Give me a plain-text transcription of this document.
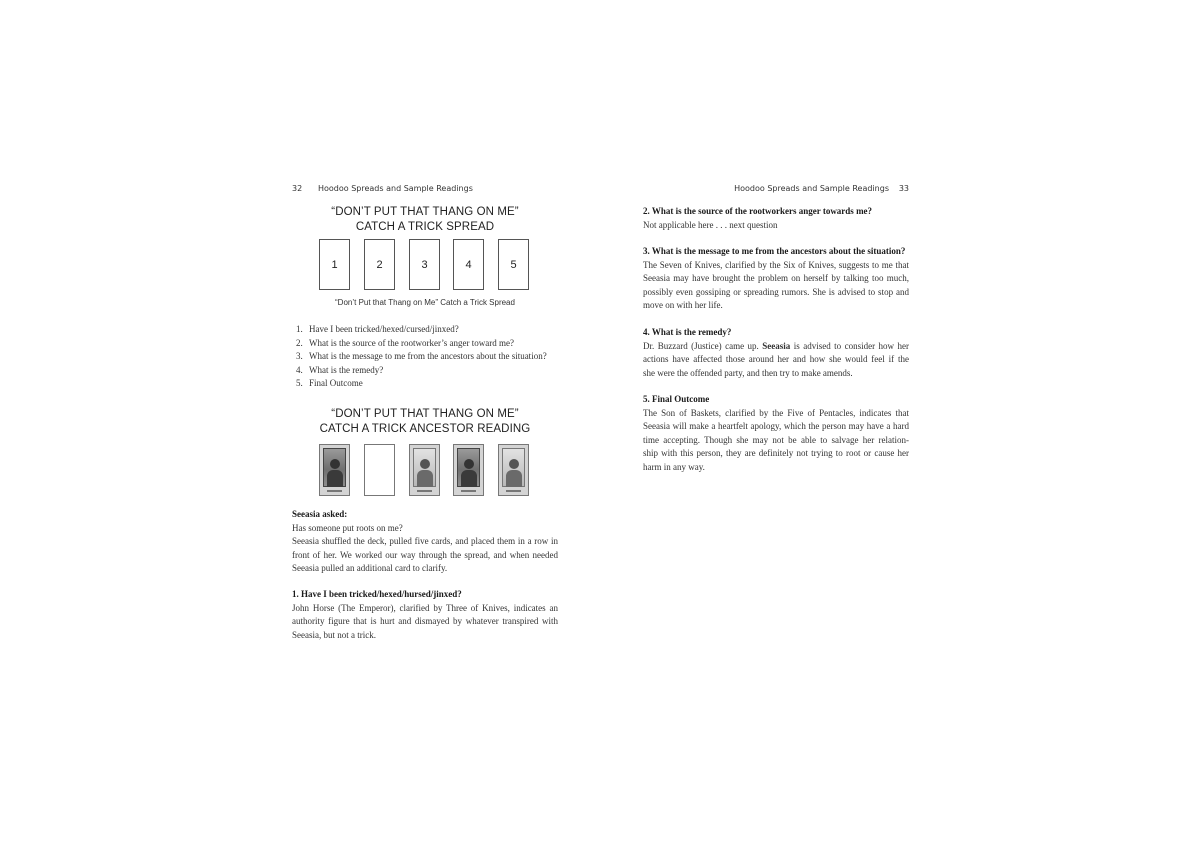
32 Hoodoo Spreads and Sample Readings
“DON’T PUT THAT THANG ON ME”
CATCH A TRICK SPREAD
1	2	3	4	5
“Don’t Put that Thang on Me” Catch a Trick Spread
1. Have I been tricked/hexed/cursed/jinxed?
2. What is the source of the rootworker’s anger toward me?
3. What is the message to me from the ancestors about the situation?
4. What is the remedy?
5. Final Outcome
“DON’T PUT THAT THANG ON ME”
CATCH A TRICK ANCESTOR READING
Seeasia asked:
Has someone put roots on me?
Seeasia shuffled the deck, pulled five cards, and placed them in a row in
front of her. We worked our way through the spread, and when needed
Seeasia pulled an additional card to clarify.
1. Have I been tricked/hexed/hursed/jinxed?
John Horse (The Emperor), clarified by Three of Knives, indicates an
authority figure that is hurt and dismayed by whatever transpired with
Seeasia, but not a trick.
Hoodoo Spreads and Sample Readings 33
2. What is the source of the rootworkers anger towards me?
Not applicable here . . . next question
3. What is the message to me from the ancestors about the situation?
The Seven of Knives, clarified by the Six of Knives, suggests to me that
Seeasia may have brought the problem on herself by talking too much,
possibly even gossiping or spreading rumors. She is advised to stop and
move on with her life.
4. What is the remedy?
Dr. Buzzard (Justice) came up. Seeasia is advised to consider how her
actions have affected those around her and how she would feel if the
she were the offended party, and then try to make amends.
5. Final Outcome
The Son of Baskets, clarified by the Five of Pentacles, indicates that
Seeasia will make a heartfelt apology, which the person may have a hard
time accepting. Though she may not be able to salvage her relation-
ship with this person, they are definitely not trying to root or cause her
harm in any way.
